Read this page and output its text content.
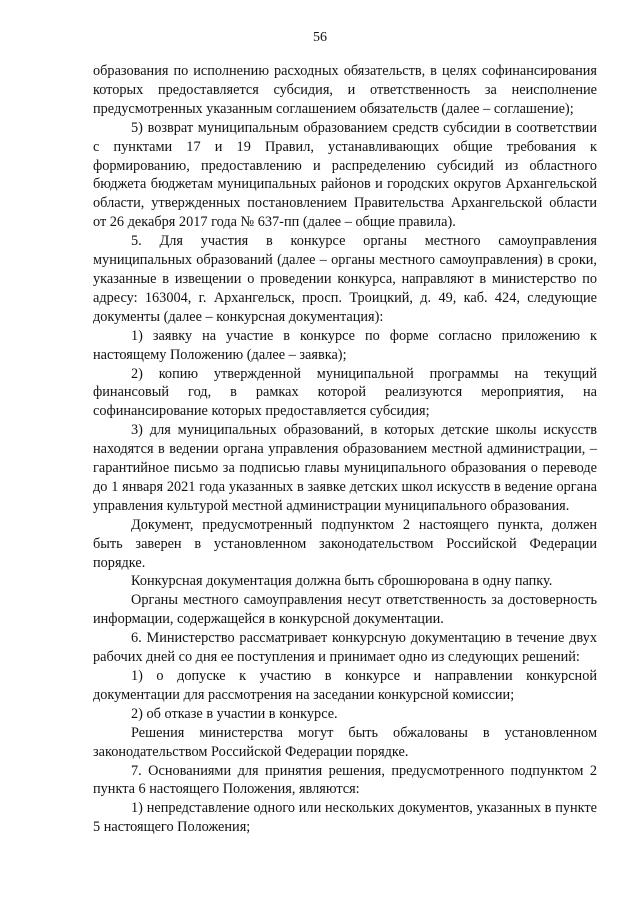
56

образования по исполнению расходных обязательств, в целях софинансирования которых предоставляется субсидия, и ответственность за неисполнение предусмотренных указанным соглашением обязательств (далее – соглашение);

5) возврат муниципальным образованием средств субсидии в соответствии с пунктами 17 и 19 Правил, устанавливающих общие требования к формированию, предоставлению и распределению субсидий из областного бюджета бюджетам муниципальных районов и городских округов Архангельской области, утвержденных постановлением Правительства Архангельской области от 26 декабря 2017 года № 637-пп (далее – общие правила).

5. Для участия в конкурсе органы местного самоуправления муниципальных образований (далее – органы местного самоуправления) в сроки, указанные в извещении о проведении конкурса, направляют в министерство по адресу: 163004, г. Архангельск, просп. Троицкий, д. 49, каб. 424, следующие документы (далее – конкурсная документация):

1) заявку на участие в конкурсе по форме согласно приложению к настоящему Положению (далее – заявка);

2) копию утвержденной муниципальной программы на текущий финансовый год, в рамках которой реализуются мероприятия, на софинансирование которых предоставляется субсидия;

3) для муниципальных образований, в которых детские школы искусств находятся в ведении органа управления образованием местной администрации, – гарантийное письмо за подписью главы муниципального образования о переводе до 1 января 2021 года указанных в заявке детских школ искусств в ведение органа управления культурой местной администрации муниципального образования.

Документ, предусмотренный подпунктом 2 настоящего пункта, должен быть заверен в установленном законодательством Российской Федерации порядке.

Конкурсная документация должна быть сброшюрована в одну папку.

Органы местного самоуправления несут ответственность за достоверность информации, содержащейся в конкурсной документации.

6. Министерство рассматривает конкурсную документацию в течение двух рабочих дней со дня ее поступления и принимает одно из следующих решений:

1) о допуске к участию в конкурсе и направлении конкурсной документации для рассмотрения на заседании конкурсной комиссии;

2) об отказе в участии в конкурсе.

Решения министерства могут быть обжалованы в установленном законодательством Российской Федерации порядке.

7. Основаниями для принятия решения, предусмотренного подпунктом 2 пункта 6 настоящего Положения, являются:

1) непредставление одного или нескольких документов, указанных в пункте 5 настоящего Положения;
